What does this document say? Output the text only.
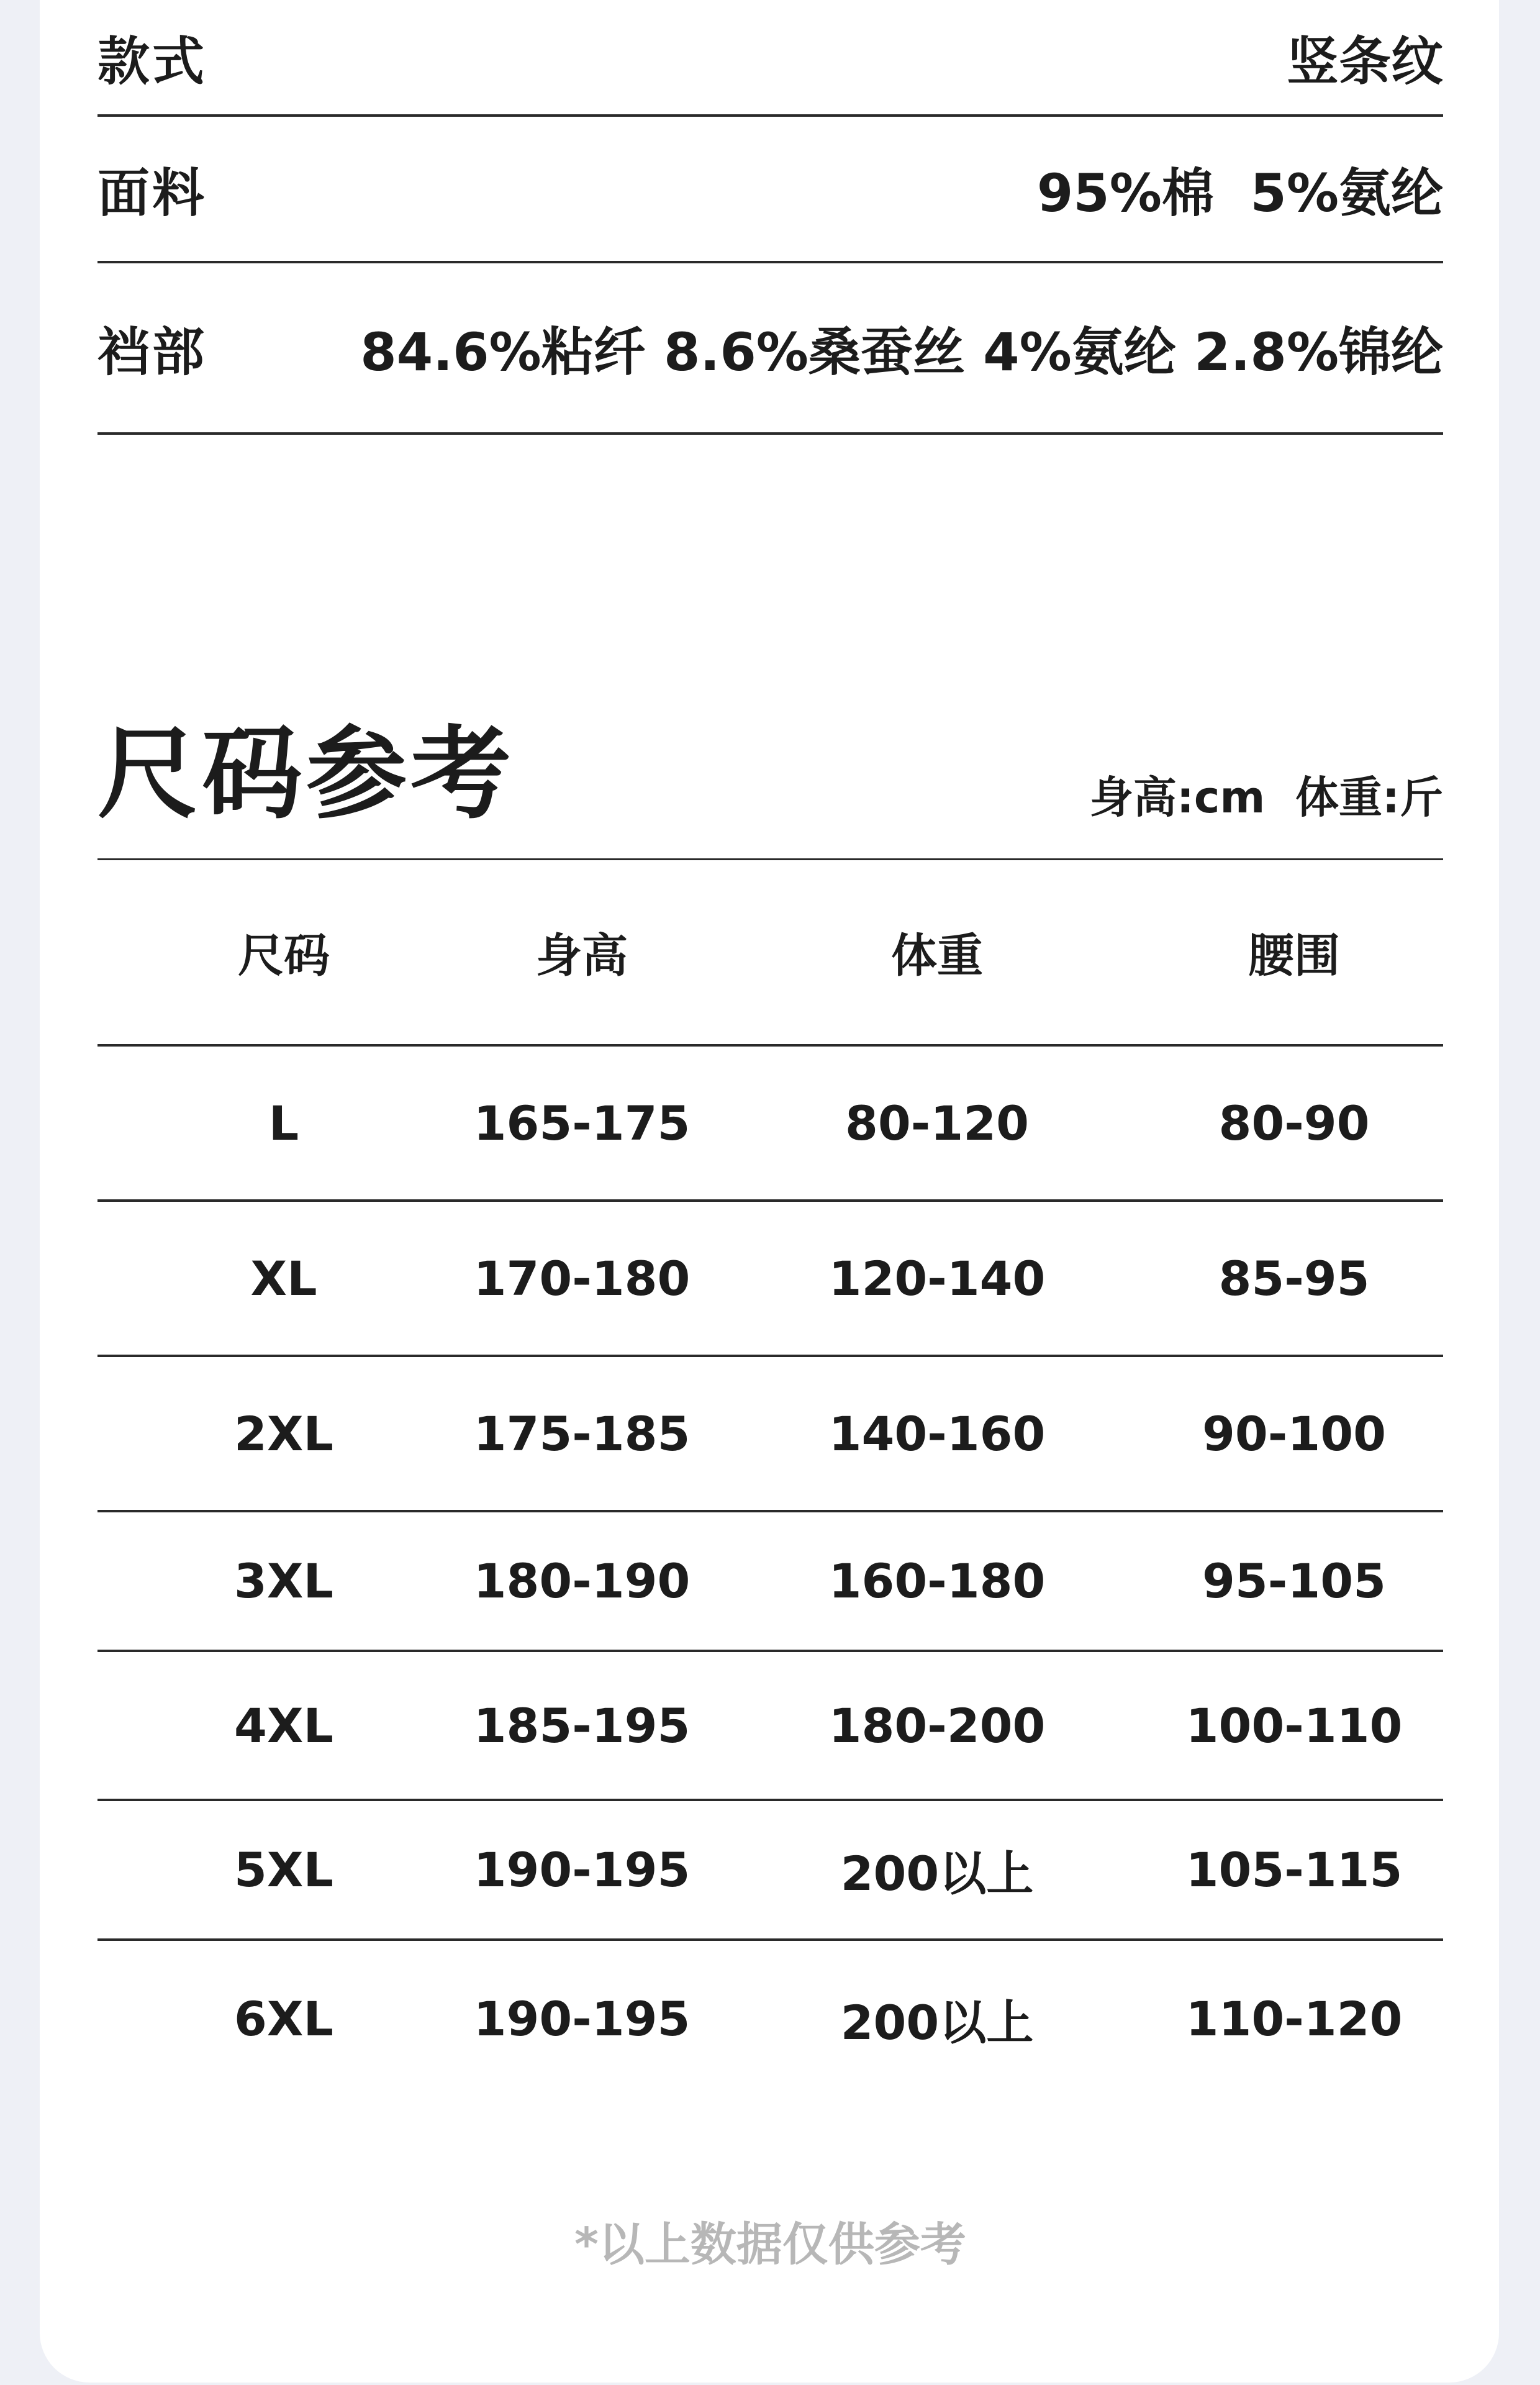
款式	竖条纹
面料	95%棉  5%氨纶
裆部	84.6%粘纤 8.6%桑蚕丝 4%氨纶 2.8%锦纶
尺码参考	身高:cm  体重:斤
尺码	身高	体重	腰围
L	165-175	80-120	80-90
XL	170-180	120-140	85-95
2XL	175-185	140-160	90-100
3XL	180-190	160-180	95-105
4XL	185-195	180-200	100-110
5XL	190-195	200以上	105-115
6XL	190-195	200以上	110-120
*以上数据仅供参考
